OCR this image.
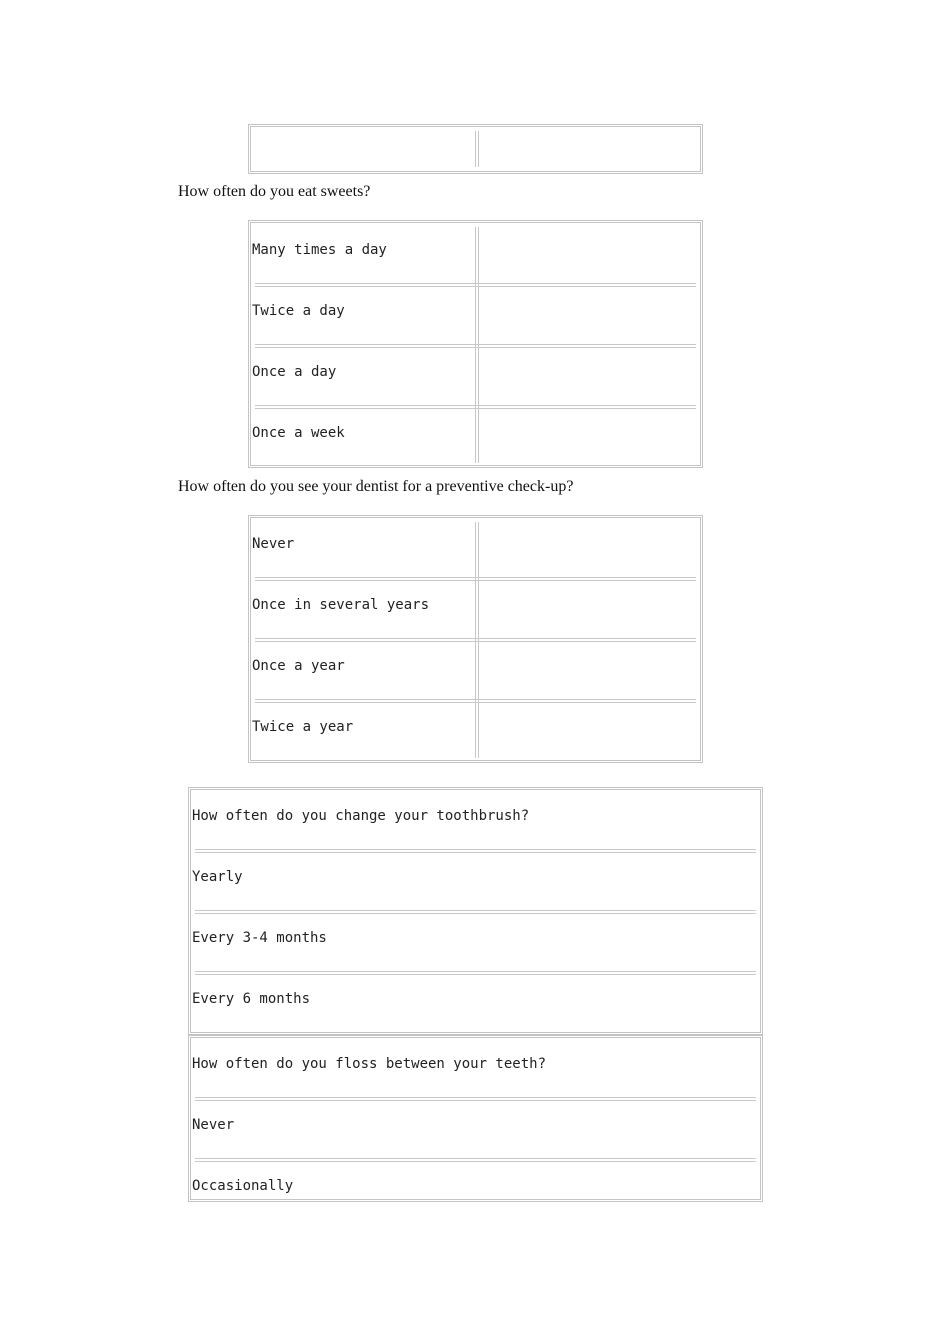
How often do you eat sweets?
Many times a day
Twice a day
Once a day
Once a week
How often do you see your dentist for a preventive check-up?
Never
Once in several years
Once a year
Twice a year
How often do you change your toothbrush?
Yearly
Every 3-4 months
Every 6 months
How often do you floss between your teeth?
Never
Occasionally
